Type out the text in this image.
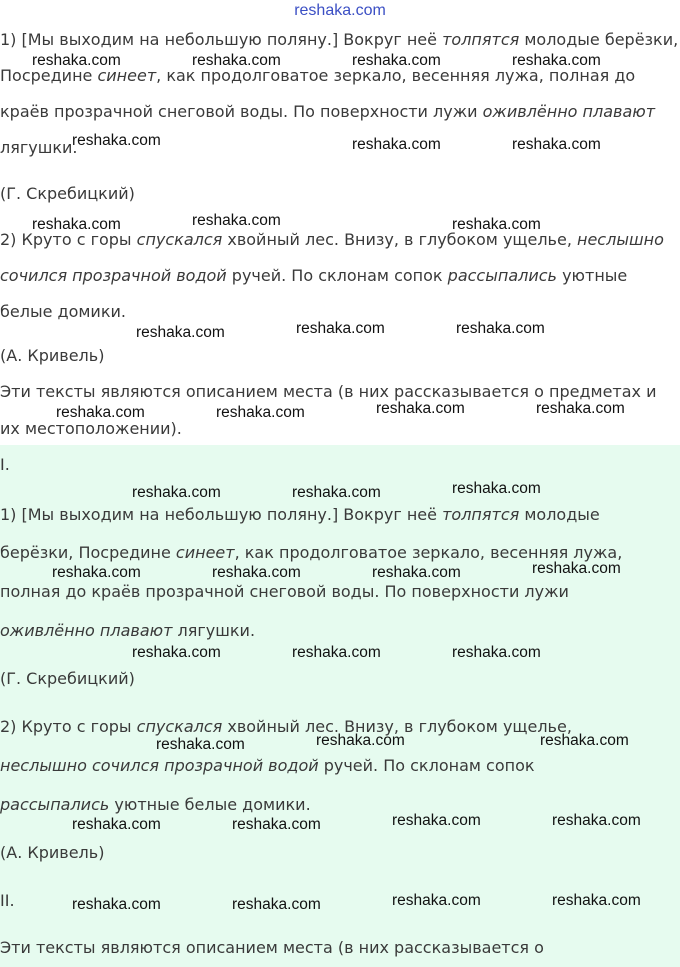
reshaka.com
1) [Мы выходим на небольшую поляну.] Вокруг неё толпятся молодые берёзки,
Посредине синеет, как продолговатое зеркало, весенняя лужа, полная до
краёв прозрачной снеговой воды. По поверхности лужи оживлённо плавают
лягушки.
(Г. Скребицкий)
2) Круто с горы спускался хвойный лес. Внизу, в глубоком ущелье, неслышно
сочился прозрачной водой ручей. По склонам сопок рассыпались уютные
белые домики.
(А. Кривель)
Эти тексты являются описанием места (в них рассказывается о предметах и
их местоположении).
I.
1) [Мы выходим на небольшую поляну.] Вокруг неё толпятся молодые
берёзки, Посредине синеет, как продолговатое зеркало, весенняя лужа,
полная до краёв прозрачной снеговой воды. По поверхности лужи
оживлённо плавают лягушки.
(Г. Скребицкий)
2) Круто с горы спускался хвойный лес. Внизу, в глубоком ущелье,
неслышно сочился прозрачной водой ручей. По склонам сопок
рассыпались уютные белые домики.
(А. Кривель)
II.
Эти тексты являются описанием места (в них рассказывается о
reshaka.com	reshaka.com	reshaka.com	reshaka.com
reshaka.com	reshaka.com	reshaka.com
reshaka.com	reshaka.com	reshaka.com
reshaka.com	reshaka.com	reshaka.com
reshaka.com	reshaka.com	reshaka.com	reshaka.com
reshaka.com	reshaka.com	reshaka.com
reshaka.com	reshaka.com	reshaka.com	reshaka.com
reshaka.com	reshaka.com	reshaka.com
reshaka.com	reshaka.com	reshaka.com
reshaka.com	reshaka.com	reshaka.com	reshaka.com
reshaka.com	reshaka.com	reshaka.com	reshaka.com
